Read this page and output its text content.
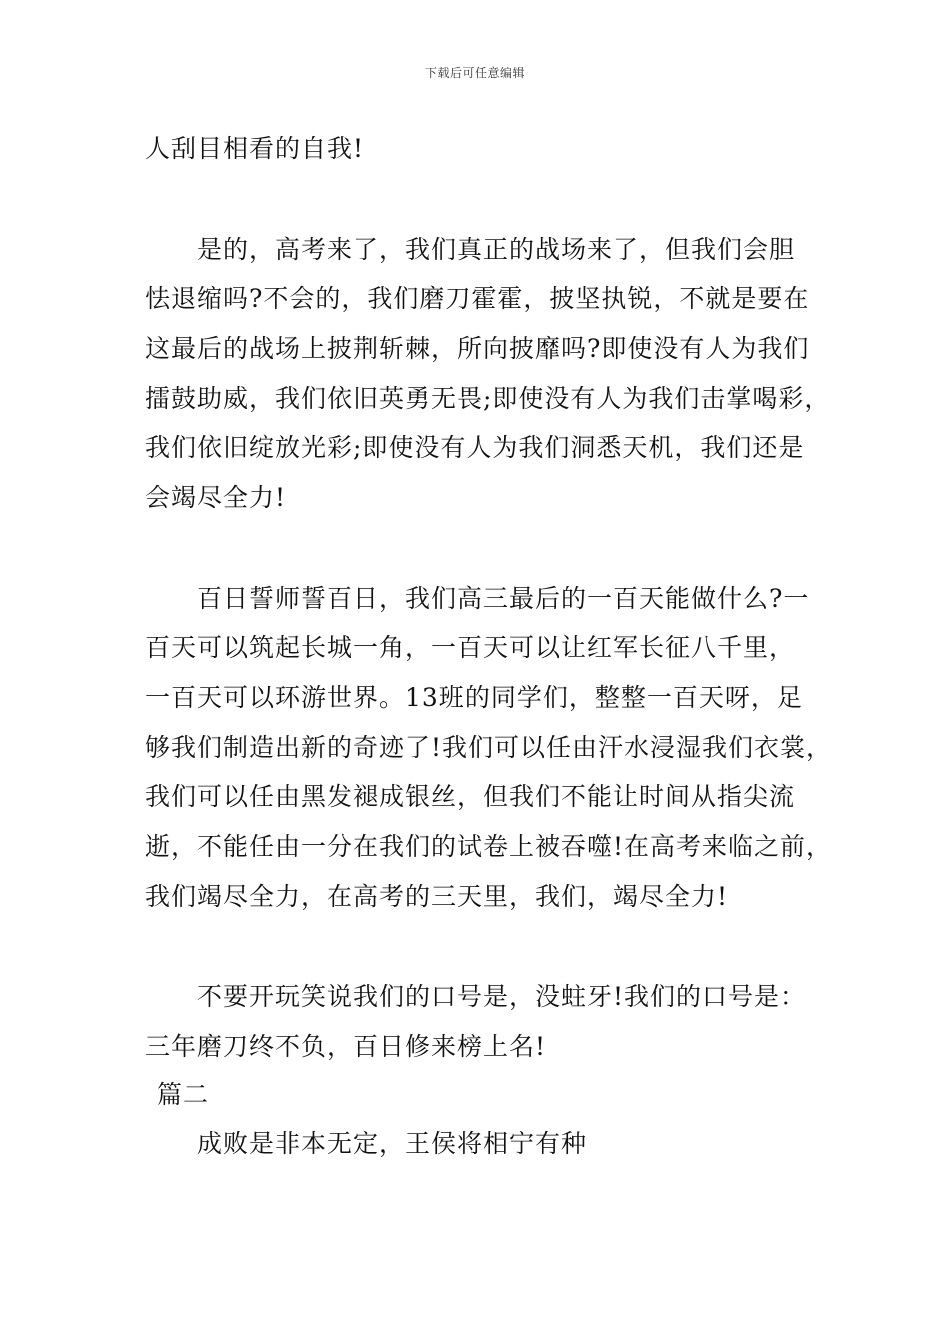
下载后可任意编辑
人刮目相看的自我!
是的，高考来了，我们真正的战场来了，但我们会胆
怯退缩吗?不会的，我们磨刀霍霍，披坚执锐，不就是要在
这最后的战场上披荆斩棘，所向披靡吗?即使没有人为我们
擂鼓助威，我们依旧英勇无畏;即使没有人为我们击掌喝彩，
我们依旧绽放光彩;即使没有人为我们洞悉天机，我们还是
会竭尽全力!
百日誓师誓百日，我们高三最后的一百天能做什么?一
百天可以筑起长城一角，一百天可以让红军长征八千里，
一百天可以环游世界。13班的同学们，整整一百天呀，足
够我们制造出新的奇迹了!我们可以任由汗水浸湿我们衣裳，
我们可以任由黑发褪成银丝，但我们不能让时间从指尖流
逝，不能任由一分在我们的试卷上被吞噬!在高考来临之前，
我们竭尽全力，在高考的三天里，我们，竭尽全力!
不要开玩笑说我们的口号是，没蛀牙!我们的口号是：
三年磨刀终不负，百日修来榜上名!
篇二
成败是非本无定，王侯将相宁有种
